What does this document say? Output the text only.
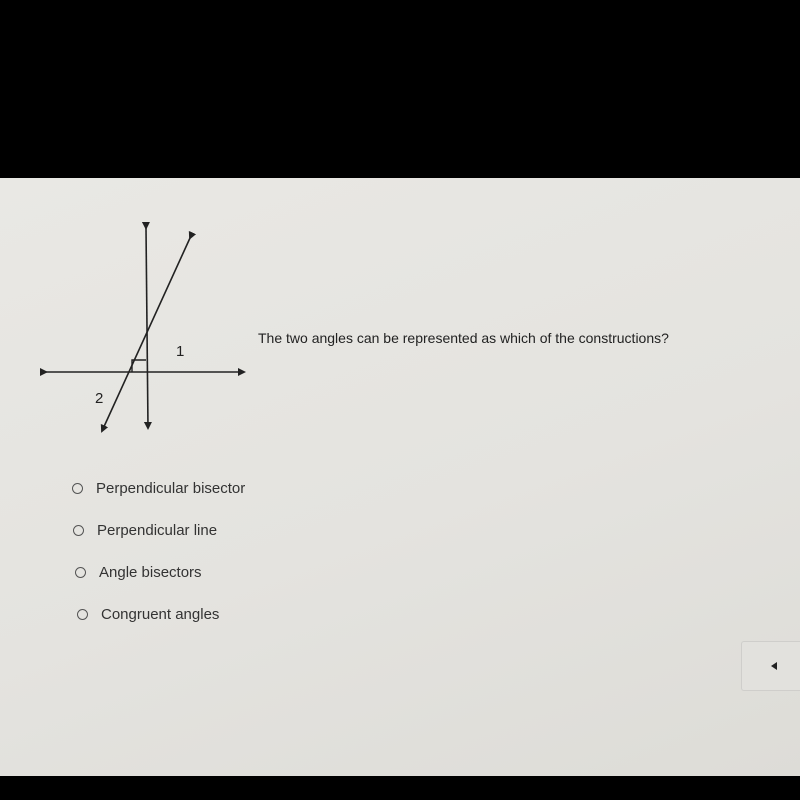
1
2
The two angles can be represented as which of the constructions?
Perpendicular bisector
Perpendicular line
Angle bisectors
Congruent angles
